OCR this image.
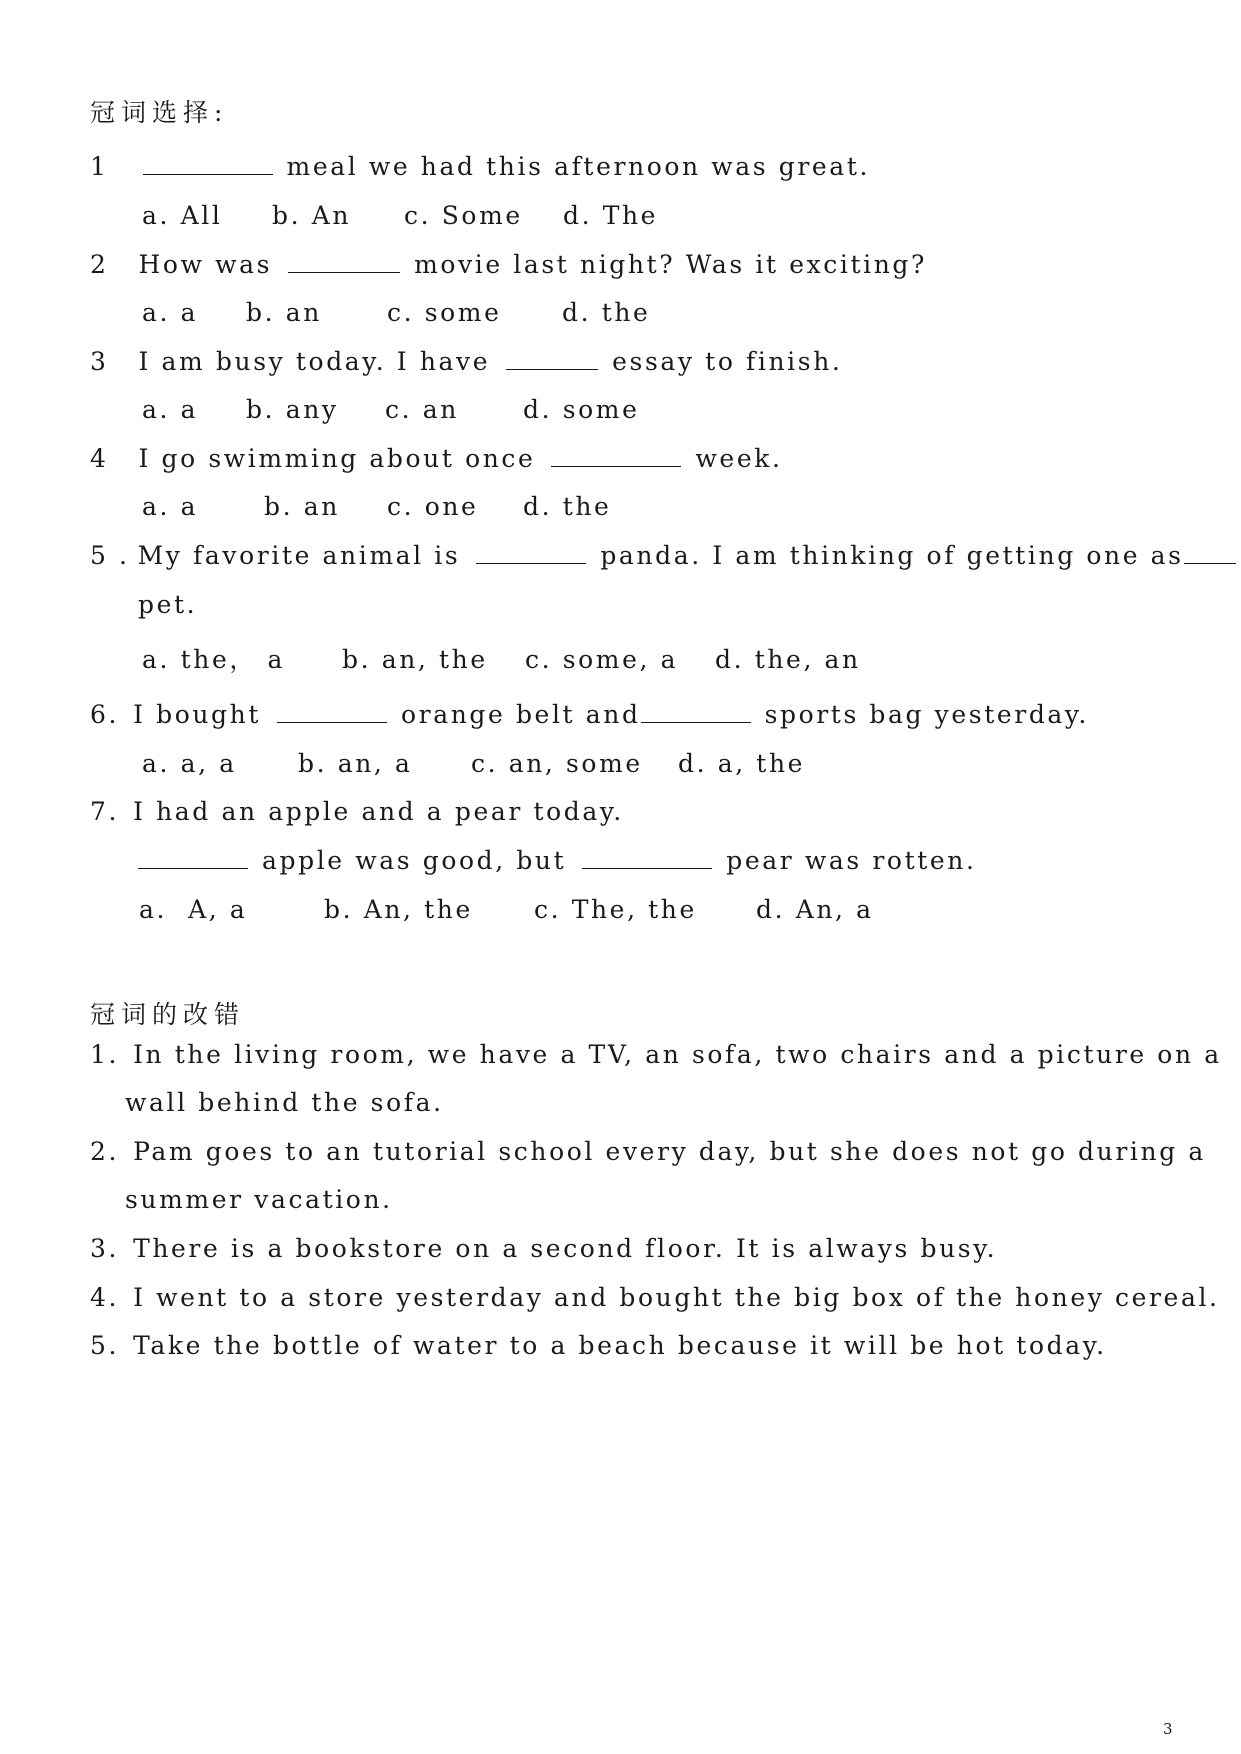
冠词选择:
1	meal we had this afternoon was great.
a. All b. An c. Some d. The
2 How was	movie last night? Was it exciting?
a. a b. an	c. some d. the
3 I am busy today. I have	essay to finish.
a. a b. any c. an	d. some
4 I go swimming about once	week.
a. a	b. an c. one d. the
5 . My favorite animal is	panda. I am thinking of getting one as
pet.
a. the， a b. an, the c. some, a d. the, an
6. I bought	orange belt and	sports bag yesterday.
a. a, a b. an, a c. an, some d. a, the
7. I had an apple and a pear today.
apple was good, but	pear was rotten.
a.  A, a	b. An, the c. The, the d. An, a
冠词的改错
1. In the living room, we have a TV, an sofa, two chairs and a picture on a
wall behind the sofa.
2. Pam goes to an tutorial school every day, but she does not go during a
summer vacation.
3. There is a bookstore on a second floor. It is always busy.
4. I went to a store yesterday and bought the big box of the honey cereal.
5. Take the bottle of water to a beach because it will be hot today.
3
